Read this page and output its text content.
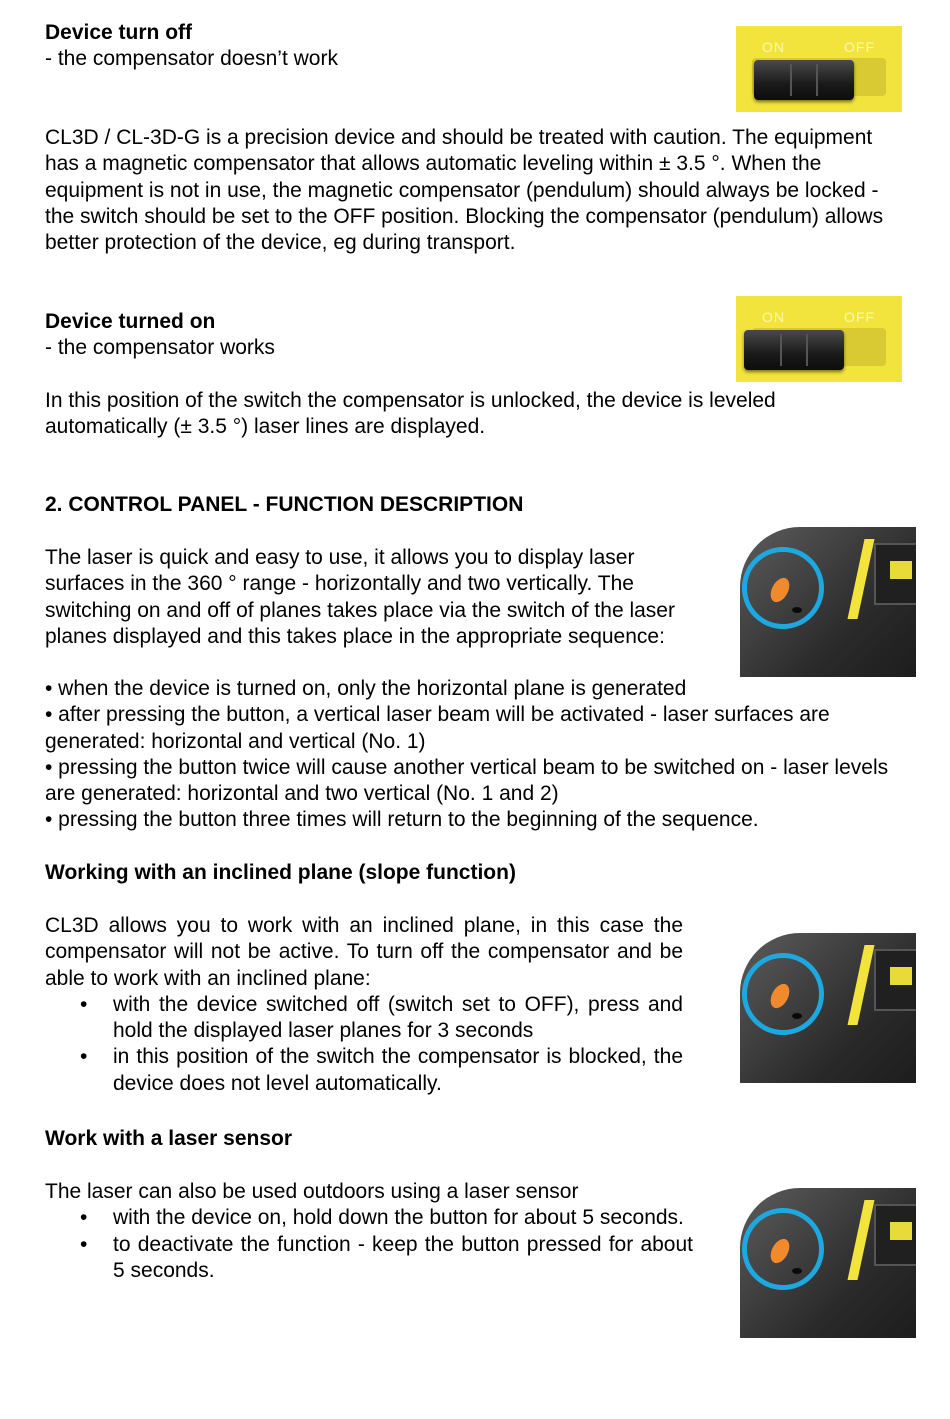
Device turn off

- the compensator doesn’t work

ON	OFF

CL3D / CL-3D-G is a precision device and should be treated with caution. The equipment has a magnetic compensator that allows automatic leveling within ± 3.5 °. When the equipment is not in use, the magnetic compensator (pendulum) should always be locked - the switch should be set to the OFF position. Blocking the compensator (pendulum) allows better protection of the device, eg during transport.

Device turned on

- the compensator works

ON	OFF

In this position of the switch the compensator is unlocked, the device is leveled automatically (± 3.5 °) laser lines are displayed.

2. CONTROL PANEL - FUNCTION DESCRIPTION

The laser is quick and easy to use, it allows you to display laser surfaces in the 360 ° range - horizontally and two vertically. The switching on and off of planes takes place via the switch of the laser planes displayed and this takes place in the appropriate sequence:

• when the device is turned on, only the horizontal plane is generated

• after pressing the button, a vertical laser beam will be activated - laser surfaces are generated: horizontal and vertical (No. 1)

• pressing the button twice will cause another vertical beam to be switched on - laser levels are generated: horizontal and two vertical (No. 1 and 2)

• pressing the button three times will return to the beginning of the sequence.

Working with an inclined plane (slope function)

CL3D allows you to work with an inclined plane, in this case the compensator will not be active. To turn off the compensator and be able to work with an inclined plane:

• with the device switched off (switch set to OFF), press and hold the displayed laser planes for 3 seconds
• in this position of the switch the compensator is blocked, the device does not level automatically.

Work with a laser sensor

The laser can also be used outdoors using a laser sensor

• with the device on, hold down the button for about 5 seconds.
• to deactivate the function - keep the button pressed for about 5 seconds.
